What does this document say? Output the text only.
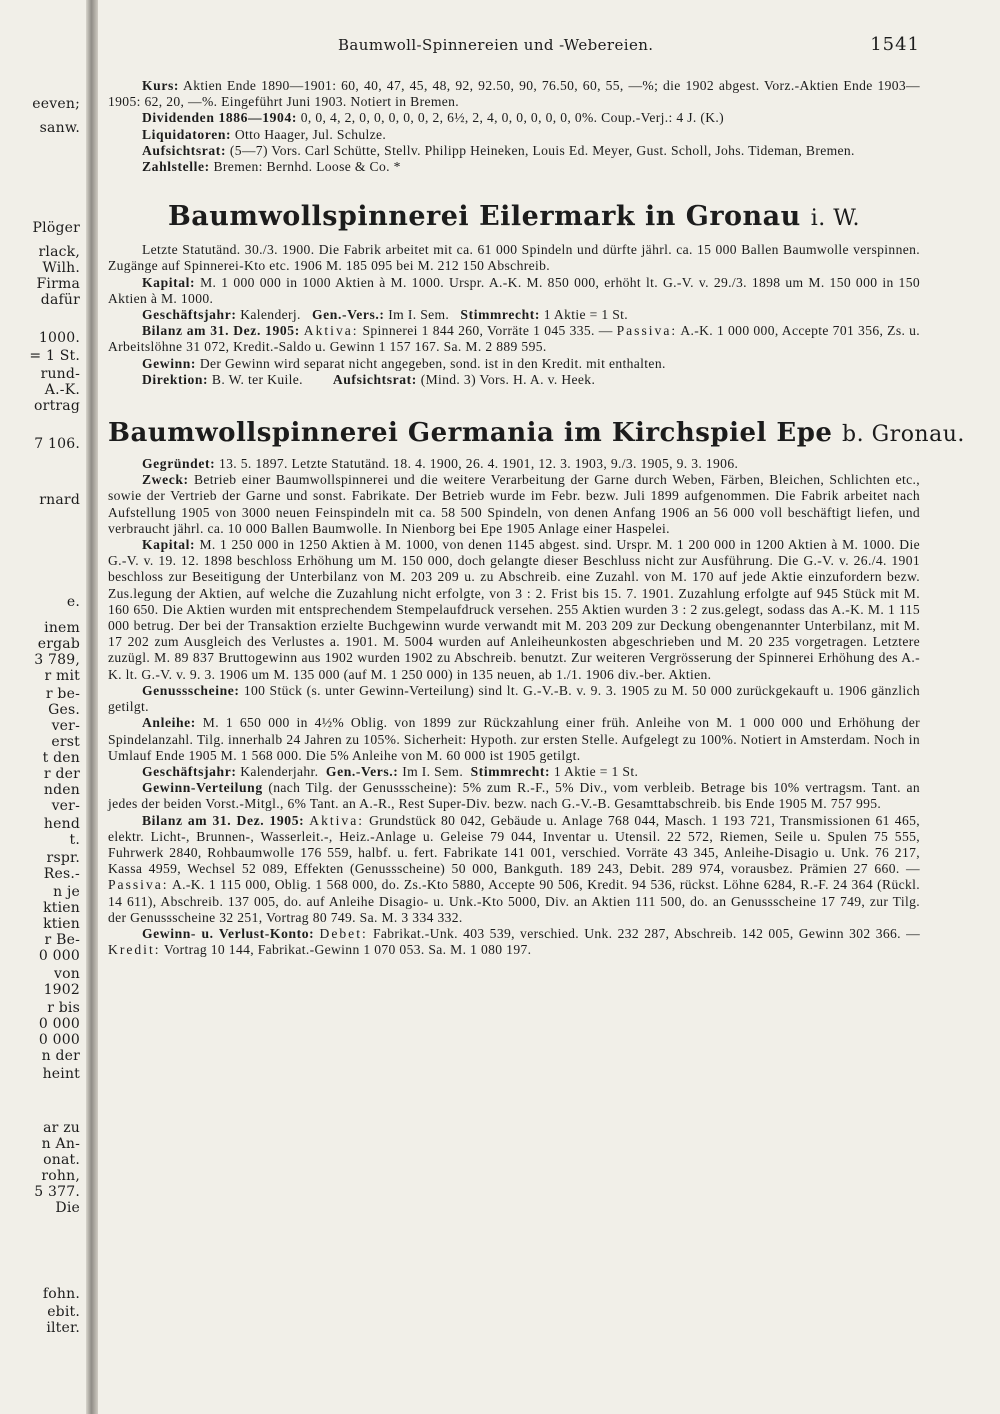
eeven;
sanw.
Plöger
rlack,
Wilh.
Firma
dafür
1000.
= 1 St.
rund-
A.-K.
ortrag
7 106.
rnard
e.
inem
ergab
3 789,
r mit
r be-
Ges.
ver-
erst
t den
r der
nden
ver-
hend
t.
rspr.
Res.-
n je
ktien
ktien
r Be-
0 000
von
1902
r bis
0 000
0 000
n der
heint
ar zu
n An-
onat.
rohn,
5 377.
Die
fohn.
ebit.
ilter.
Baumwoll-Spinnereien und -Webereien.	1541

Kurs: Aktien Ende 1890—1901: 60, 40, 47, 45, 48, 92, 92.50, 90, 76.50, 60, 55, —%; die 1902 abgest. Vorz.-Aktien Ende 1903—1905: 62, 20, —%. Eingeführt Juni 1903. Notiert in Bremen.

Dividenden 1886—1904: 0, 0, 4, 2, 0, 0, 0, 0, 0, 2, 6½, 2, 4, 0, 0, 0, 0, 0, 0%. Coup.-Verj.: 4 J. (K.)

Liquidatoren: Otto Haager, Jul. Schulze.

Aufsichtsrat: (5—7) Vors. Carl Schütte, Stellv. Philipp Heineken, Louis Ed. Meyer, Gust. Scholl, Johs. Tideman, Bremen.

Zahlstelle: Bremen: Bernhd. Loose & Co. *

Baumwollspinnerei Eilermark in Gronau i. W.

Letzte Statutänd. 30./3. 1900. Die Fabrik arbeitet mit ca. 61 000 Spindeln und dürfte jährl. ca. 15 000 Ballen Baumwolle verspinnen. Zugänge auf Spinnerei-Kto etc. 1906 M. 185 095 bei M. 212 150 Abschreib.

Kapital: M. 1 000 000 in 1000 Aktien à M. 1000. Urspr. A.-K. M. 850 000, erhöht lt. G.-V. v. 29./3. 1898 um M. 150 000 in 150 Aktien à M. 1000.

Geschäftsjahr: Kalenderj. Gen.-Vers.: Im I. Sem. Stimmrecht: 1 Aktie = 1 St.

Bilanz am 31. Dez. 1905: Aktiva: Spinnerei 1 844 260, Vorräte 1 045 335. — Passiva: A.-K. 1 000 000, Accepte 701 356, Zs. u. Arbeitslöhne 31 072, Kredit.-Saldo u. Gewinn 1 157 167. Sa. M. 2 889 595.

Gewinn: Der Gewinn wird separat nicht angegeben, sond. ist in den Kredit. mit enthalten.

Direktion: B. W. ter Kuile. Aufsichtsrat: (Mind. 3) Vors. H. A. v. Heek.

Baumwollspinnerei Germania im Kirchspiel Epe b. Gronau.

Gegründet: 13. 5. 1897. Letzte Statutänd. 18. 4. 1900, 26. 4. 1901, 12. 3. 1903, 9./3. 1905, 9. 3. 1906.

Zweck: Betrieb einer Baumwollspinnerei und die weitere Verarbeitung der Garne durch Weben, Färben, Bleichen, Schlichten etc., sowie der Vertrieb der Garne und sonst. Fabrikate. Der Betrieb wurde im Febr. bezw. Juli 1899 aufgenommen. Die Fabrik arbeitet nach Aufstellung 1905 von 3000 neuen Feinspindeln mit ca. 58 500 Spindeln, von denen Anfang 1906 an 56 000 voll beschäftigt liefen, und verbraucht jährl. ca. 10 000 Ballen Baumwolle. In Nienborg bei Epe 1905 Anlage einer Haspelei.

Kapital: M. 1 250 000 in 1250 Aktien à M. 1000, von denen 1145 abgest. sind. Urspr. M. 1 200 000 in 1200 Aktien à M. 1000. Die G.-V. v. 19. 12. 1898 beschloss Erhöhung um M. 150 000, doch gelangte dieser Beschluss nicht zur Ausführung. Die G.-V. v. 26./4. 1901 beschloss zur Beseitigung der Unterbilanz von M. 203 209 u. zu Abschreib. eine Zuzahl. von M. 170 auf jede Aktie einzufordern bezw. Zus.legung der Aktien, auf welche die Zuzahlung nicht erfolgte, von 3 : 2. Frist bis 15. 7. 1901. Zuzahlung erfolgte auf 945 Stück mit M. 160 650. Die Aktien wurden mit entsprechendem Stempelaufdruck versehen. 255 Aktien wurden 3 : 2 zus.gelegt, sodass das A.-K. M. 1 115 000 betrug. Der bei der Transaktion erzielte Buchgewinn wurde verwandt mit M. 203 209 zur Deckung obengenannter Unterbilanz, mit M. 17 202 zum Ausgleich des Verlustes a. 1901. M. 5004 wurden auf Anleiheunkosten abgeschrieben und M. 20 235 vorgetragen. Letztere zuzügl. M. 89 837 Bruttogewinn aus 1902 wurden 1902 zu Abschreib. benutzt. Zur weiteren Vergrösserung der Spinnerei Erhöhung des A.-K. lt. G.-V. v. 9. 3. 1906 um M. 135 000 (auf M. 1 250 000) in 135 neuen, ab 1./1. 1906 div.-ber. Aktien.

Genussscheine: 100 Stück (s. unter Gewinn-Verteilung) sind lt. G.-V.-B. v. 9. 3. 1905 zu M. 50 000 zurückgekauft u. 1906 gänzlich getilgt.

Anleihe: M. 1 650 000 in 4½% Oblig. von 1899 zur Rückzahlung einer früh. Anleihe von M. 1 000 000 und Erhöhung der Spindelanzahl. Tilg. innerhalb 24 Jahren zu 105%. Sicherheit: Hypoth. zur ersten Stelle. Aufgelegt zu 100%. Notiert in Amsterdam. Noch in Umlauf Ende 1905 M. 1 568 000. Die 5% Anleihe von M. 60 000 ist 1905 getilgt.

Geschäftsjahr: Kalenderjahr. Gen.-Vers.: Im I. Sem. Stimmrecht: 1 Aktie = 1 St.

Gewinn-Verteilung (nach Tilg. der Genussscheine): 5% zum R.-F., 5% Div., vom verbleib. Betrage bis 10% vertragsm. Tant. an jedes der beiden Vorst.-Mitgl., 6% Tant. an A.-R., Rest Super-Div. bezw. nach G.-V.-B. Gesamttabschreib. bis Ende 1905 M. 757 995.

Bilanz am 31. Dez. 1905: Aktiva: Grundstück 80 042, Gebäude u. Anlage 768 044, Masch. 1 193 721, Transmissionen 61 465, elektr. Licht-, Brunnen-, Wasserleit.-, Heiz.-Anlage u. Geleise 79 044, Inventar u. Utensil. 22 572, Riemen, Seile u. Spulen 75 555, Fuhrwerk 2840, Rohbaumwolle 176 559, halbf. u. fert. Fabrikate 141 001, verschied. Vorräte 43 345, Anleihe-Disagio u. Unk. 76 217, Kassa 4959, Wechsel 52 089, Effekten (Genussscheine) 50 000, Bankguth. 189 243, Debit. 289 974, vorausbez. Prämien 27 660. — Passiva: A.-K. 1 115 000, Oblig. 1 568 000, do. Zs.-Kto 5880, Accepte 90 506, Kredit. 94 536, rückst. Löhne 6284, R.-F. 24 364 (Rückl. 14 611), Abschreib. 137 005, do. auf Anleihe Disagio- u. Unk.-Kto 5000, Div. an Aktien 111 500, do. an Genussscheine 17 749, zur Tilg. der Genussscheine 32 251, Vortrag 80 749. Sa. M. 3 334 332.

Gewinn- u. Verlust-Konto: Debet: Fabrikat.-Unk. 403 539, verschied. Unk. 232 287, Abschreib. 142 005, Gewinn 302 366. — Kredit: Vortrag 10 144, Fabrikat.-Gewinn 1 070 053. Sa. M. 1 080 197.
